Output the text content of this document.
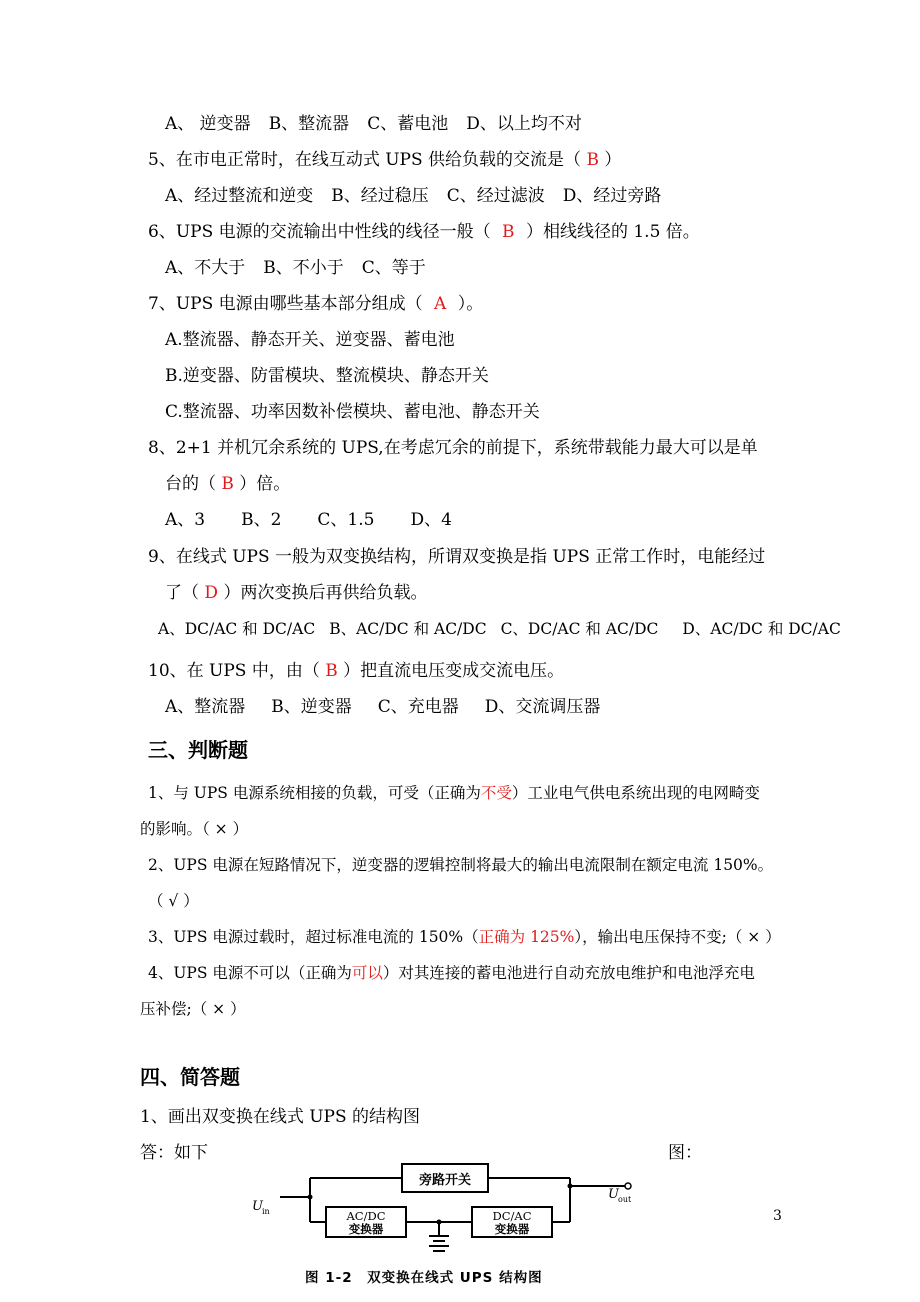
A、 逆变器 B、整流器 C、蓄电池 D、以上均不对
5、在市电正常时，在线互动式 UPS 供给负载的交流是（ B ）
A、经过整流和逆变 B、经过稳压 C、经过滤波 D、经过旁路
6、UPS 电源的交流输出中性线的线径一般（ B ）相线线径的 1.5 倍。
A、不大于 B、不小于 C、等于
7、UPS 电源由哪些基本部分组成（ A ）。
A.整流器、静态开关、逆变器、蓄电池
B.逆变器、防雷模块、整流模块、静态开关
C.整流器、功率因数补偿模块、蓄电池、静态开关
8、2+1 并机冗余系统的 UPS,在考虑冗余的前提下，系统带载能力最大可以是单
台的（ B ）倍。
A、3 B、2 C、1.5 D、4
9、在线式 UPS 一般为双变换结构，所谓双变换是指 UPS 正常工作时，电能经过
了（ D ）两次变换后再供给负载。
A、DC/AC 和 DC/AC B、AC/DC 和 AC/DC C、DC/AC 和 AC/DC D、AC/DC 和 DC/AC
10、在 UPS 中，由（ B ）把直流电压变成交流电压。
A、整流器 B、逆变器 C、充电器 D、交流调压器
三、判断题
1、与 UPS 电源系统相接的负载，可受（正确为不受）工业电气供电系统出现的电网畸变
的影响。（ × ）
2、UPS 电源在短路情况下，逆变器的逻辑控制将最大的输出电流限制在额定电流 150%。
（ √ ）
3、UPS 电源过载时，超过标准电流的 150%（正确为 125%），输出电压保持不变;（ × ）
4、UPS 电源不可以（正确为可以）对其连接的蓄电池进行自动充放电维护和电池浮充电
压补偿;（ × ）
四、简答题
1、画出双变换在线式 UPS 的结构图
答：如下	图：
旁路开关
AC/DC
变换器
DC/AC
变换器
U in
U out
图 1-2　双变换在线式 UPS 结构图
3
